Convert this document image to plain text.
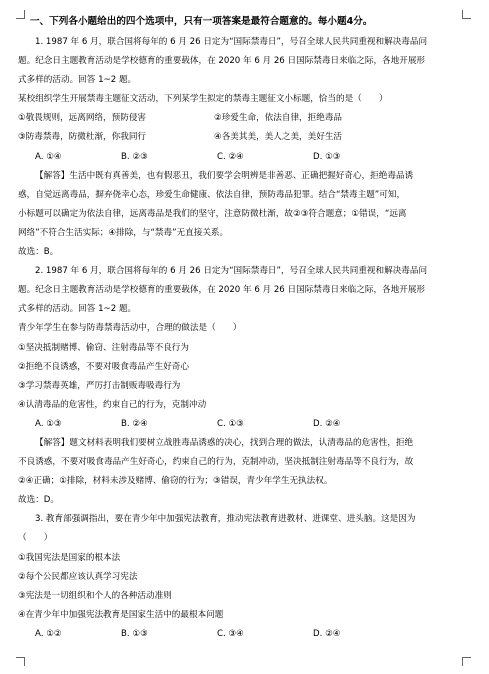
一、下列各小题给出的四个选项中，只有一项答案是最符合题意的。每小题4分。
1. 1987 年 6 月，联合国将每年的 6 月 26 日定为“国际禁毒日”，号召全球人民共同重视和解决毒品问
题。纪念日主题教育活动是学校德育的重要载体，在 2020 年 6 月 26 日国际禁毒日来临之际，各地开展形
式多样的活动。回答 1~2 题。
某校组织学生开展禁毒主题征文活动，下列某学生拟定的禁毒主题征文小标题，恰当的是（　　）
①敬畏规则，远离网络，预防侵害	②珍爱生命，依法自律，拒绝毒品
③防毒禁毒，防微杜渐，你我同行	④各美其美，美人之美，美好生活
A. ①④	B. ②③	C. ②④	D. ①③
【解答】生活中既有真善美，也有假恶丑，我们要学会明辨是非善恶、正确把握好奇心，拒绝毒品诱
惑，自觉远离毒品，摒弃侥幸心态，珍爱生命健康、依法自律，预防毒品犯罪。结合“禁毒主题”可知，
小标题可以确定为依法自律，远离毒品是我们的坚守，注意防微杜渐，故②③符合题意；①错误，“远离
网络”不符合生活实际；④排除，与“禁毒”无直接关系。
故选：B。
2. 1987 年 6 月，联合国将每年的 6 月 26 日定为“国际禁毒日”，号召全球人民共同重视和解决毒品问
题。纪念日主题教育活动是学校德育的重要载体，在 2020 年 6 月 26 日国际禁毒日来临之际，各地开展形
式多样的活动。回答 1~2 题。
青少年学生在参与防毒禁毒活动中，合理的做法是（　　）
①坚决抵制赌博、偷窃、注射毒品等不良行为
②拒绝不良诱惑，不要对吸食毒品产生好奇心
③学习禁毒英雄，严厉打击制贩毒吸毒行为
④认清毒品的危害性，约束自己的行为，克制冲动
A. ①③	B. ②④	C. ①③	D. ②④
【解答】题文材料表明我们要树立战胜毒品诱惑的决心，找到合理的做法，认清毒品的危害性，拒绝
不良诱惑，不要对吸食毒品产生好奇心，约束自己的行为，克制冲动，坚决抵制注射毒品等不良行为，故
②④正确；①排除，材料未涉及赌博、偷窃的行为；③错误，青少年学生无执法权。
故选：D。
3. 教育部强调指出，要在青少年中加强宪法教育，推动宪法教育进教材、进课堂、进头脑。这是因为
（　　）
①我国宪法是国家的根本法
②每个公民都应该认真学习宪法
③宪法是一切组织和个人的各种活动准则
④在青少年中加强宪法教育是国家生活中的最根本问题
A. ①②	B. ①③	C. ③④	D. ②④
